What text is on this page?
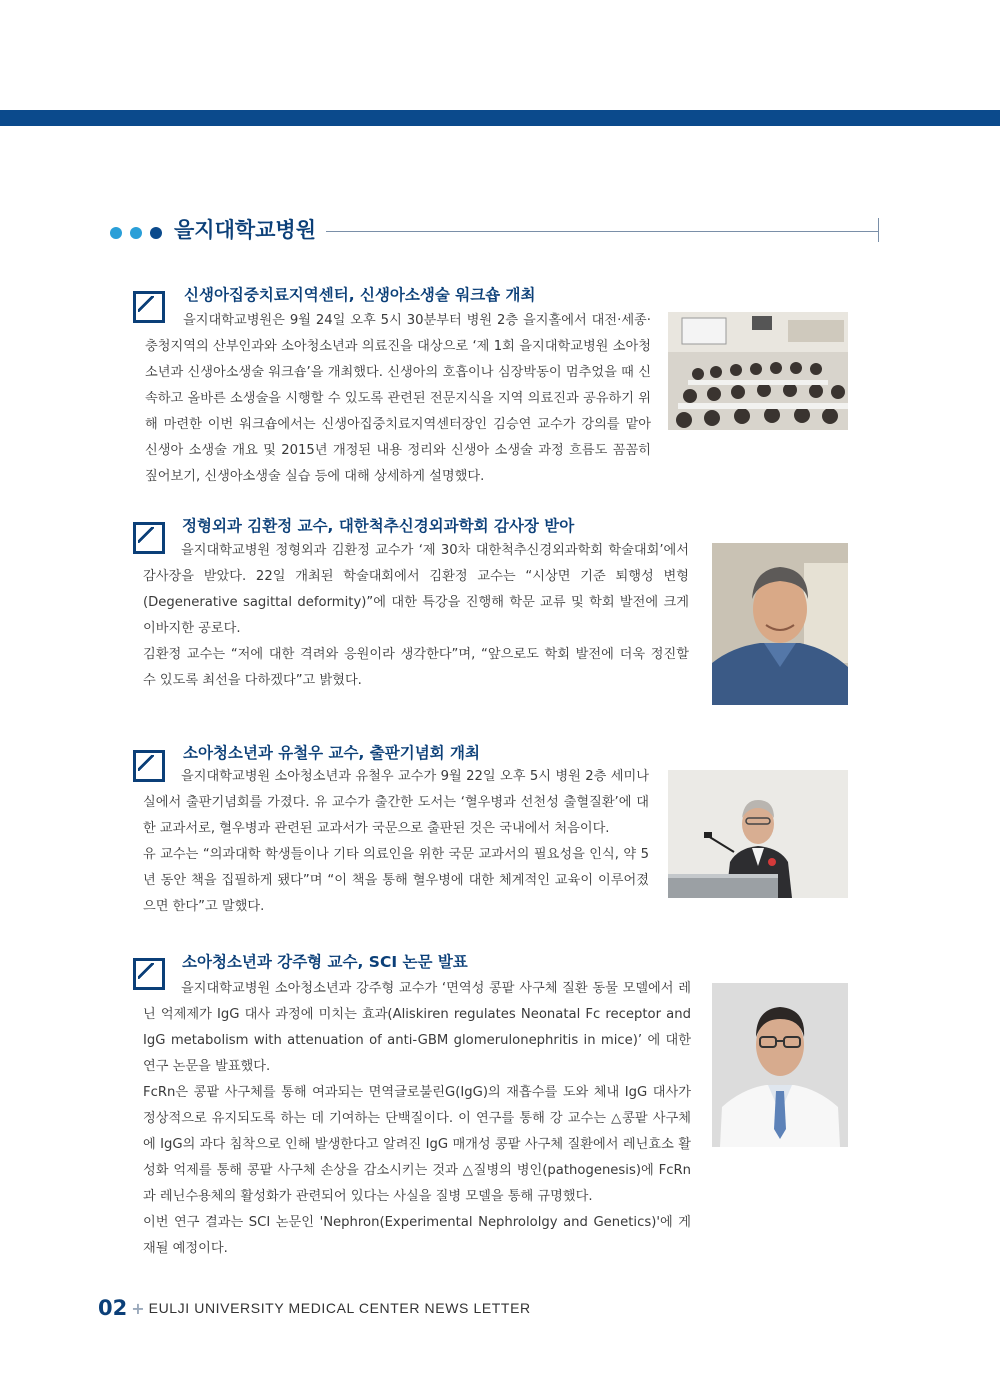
을지대학교병원
신생아집중치료지역센터, 신생아소생술 워크숍 개최

을지대학교병원은 9월 24일 오후 5시 30분부터 병원 2층 을지홀에서 대전·세종·충청지역의 산부인과와 소아청소년과 의료진을 대상으로 ‘제 1회 을지대학교병원 소아청소년과 신생아소생술 워크숍’을 개최했다. 신생아의 호흡이나 심장박동이 멈추었을 때 신속하고 올바른 소생술을 시행할 수 있도록 관련된 전문지식을 지역 의료진과 공유하기 위해 마련한 이번 워크숍에서는 신생아집중치료지역센터장인 김승연 교수가 강의를 맡아 신생아 소생술 개요 및 2015년 개정된 내용 정리와 신생아 소생술 과정 흐름도 꼼꼼히 짚어보기, 신생아소생술 실습 등에 대해 상세하게 설명했다.

정형외과 김환정 교수, 대한척추신경외과학회 감사장 받아

을지대학교병원 정형외과 김환정 교수가 ‘제 30차 대한척추신경외과학회 학술대회’에서 감사장을 받았다. 22일 개최된 학술대회에서 김환정 교수는 “시상면 기준 퇴행성 변형(Degenerative sagittal deformity)”에 대한 특강을 진행해 학문 교류 및 학회 발전에 크게 이바지한 공로다.

김환정 교수는 “저에 대한 격려와 응원이라 생각한다”며, “앞으로도 학회 발전에 더욱 정진할 수 있도록 최선을 다하겠다”고 밝혔다.

소아청소년과 유철우 교수, 출판기념회 개최

을지대학교병원 소아청소년과 유철우 교수가 9월 22일 오후 5시 병원 2층 세미나실에서 출판기념회를 가졌다. 유 교수가 출간한 도서는 ‘혈우병과 선천성 출혈질환’에 대한 교과서로, 혈우병과 관련된 교과서가 국문으로 출판된 것은 국내에서 처음이다.

유 교수는 “의과대학 학생들이나 기타 의료인을 위한 국문 교과서의 필요성을 인식, 약 5년 동안 책을 집필하게 됐다”며 “이 책을 통해 혈우병에 대한 체계적인 교육이 이루어졌으면 한다”고 말했다.

소아청소년과 강주형 교수, SCI 논문 발표

을지대학교병원 소아청소년과 강주형 교수가 ‘면역성 콩팥 사구체 질환 동물 모델에서 레닌 억제제가 IgG 대사 과정에 미치는 효과(Aliskiren regulates Neonatal Fc receptor and IgG metabolism with attenuation of anti-GBM glomerulonephritis in mice)’ 에 대한 연구 논문을 발표했다.

FcRn은 콩팥 사구체를 통해 여과되는 면역글로불린G(IgG)의 재흡수를 도와 체내 IgG 대사가 정상적으로 유지되도록 하는 데 기여하는 단백질이다. 이 연구를 통해 강 교수는 △콩팥 사구체에 IgG의 과다 침착으로 인해 발생한다고 알려진 IgG 매개성 콩팥 사구체 질환에서 레닌효소 활성화 억제를 통해 콩팥 사구체 손상을 감소시키는 것과 △질병의 병인(pathogenesis)에 FcRn과 레닌수용체의 활성화가 관련되어 있다는 사실을 질병 모델을 통해 규명했다.

이번 연구 결과는 SCI 논문인 'Nephron(Experimental Nephrololgy and Genetics)'에 게재될 예정이다.

02 + EULJI UNIVERSITY MEDICAL CENTER NEWS LETTER
